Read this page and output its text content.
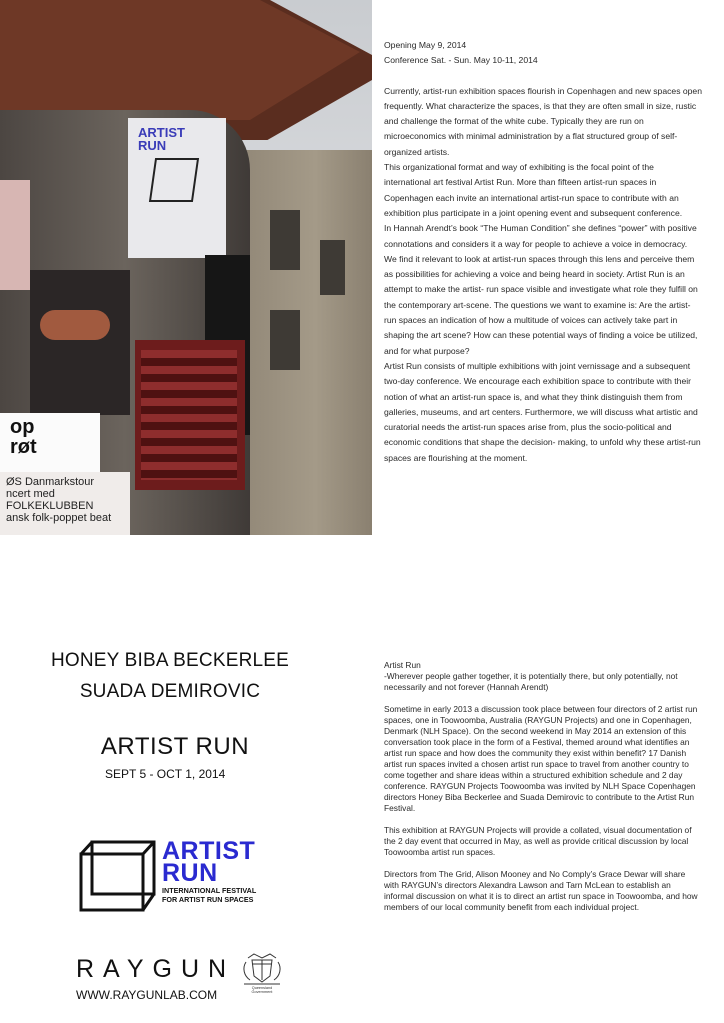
ARTIST
RUN
op
røt
ØS Danmarkstour
ncert med FOLKEKLUBBEN
ansk folk-poppet beat

Opening May 9, 2014

Conference Sat. - Sun. May 10-11, 2014

Currently, artist-run exhibition spaces flourish in Copenhagen and new spaces open frequently. What characterize the spaces, is that they are often small in size, rustic and challenge the format of the white cube. Typically they are run on microeconomics with minimal administration by a flat structured group of self-organized artists.

This organizational format and way of exhibiting is the focal point of the international art festival Artist Run. More than fifteen artist-run spaces in Copenhagen each invite an international artist-run space to contribute with an exhibition plus participate in a joint opening event and subsequent conference.

In Hannah Arendt’s book “The Human Condition” she defines “power” with positive connotations and considers it a way for people to achieve a voice in democracy. We find it relevant to look at artist-run spaces through this lens and perceive them as possibilities for achieving a voice and being heard in society. Artist Run is an attempt to make the artist- run space visible and investigate what role they fulfill on the contemporary art-scene. The questions we want to examine is: Are the artist-run spaces an indication of how a multitude of voices can actively take part in shaping the art scene? How can these potential ways of finding a voice be utilized, and for what purpose?

Artist Run consists of multiple exhibitions with joint vernissage and a subsequent two-day conference. We encourage each exhibition space to contribute with their notion of what an artist-run space is, and what they think distinguish them from galleries, museums, and art centers. Furthermore, we will discuss what artistic and curatorial needs the artist-run spaces arise from, plus the socio-political and economic conditions that shape the decision- making, to unfold why these artist-run spaces are flourishing at the moment.

HONEY BIBA BECKERLEE
SUADA DEMIROVIC
ARTIST RUN
SEPT 5 - OCT 1, 2014
ARTIST
RUN
INTERNATIONAL FESTIVAL
FOR ARTIST RUN SPACES
RAYGUN
Queensland
Government
WWW.RAYGUNLAB.COM

Artist Run

-Wherever people gather together, it is potentially there, but only potentially, not necessarily and not forever (Hannah Arendt)

Sometime in early 2013 a discussion took place between four directors of 2 artist run spaces, one in Toowoomba, Australia (RAYGUN Projects) and one in Copenhagen, Denmark (NLH Space). On the second weekend in May 2014 an extension of this conversation took place in the form of a Festival, themed around what identifies an artist run space and how does the community they exist within benefit? 17 Danish artist run spaces invited a chosen artist run space to travel from another country to come together and share ideas within a structured exhibition schedule and 2 day conference. RAYGUN Projects Toowoomba was invited by NLH Space Copenhagen directors Honey Biba Beckerlee and Suada Demirovic to contribute to the Artist Run Festival.

This exhibition at RAYGUN Projects will provide a collated, visual documentation of the 2 day event that occurred in May, as well as provide critical discussion by local Toowoomba artist run spaces.

Directors from The Grid, Alison Mooney and No Comply’s Grace Dewar will share with RAYGUN’s directors Alexandra Lawson and Tarn McLean to establish an informal discussion on what it is to direct an artist run space in Toowoomba, and how members of our local community benefit from each individual project.
